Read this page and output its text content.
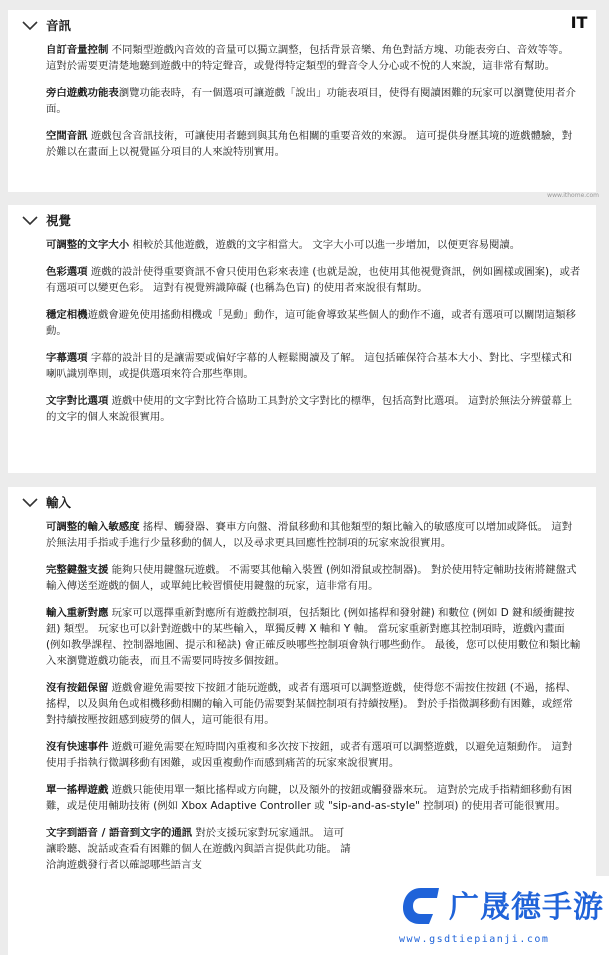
音訊
自訂音量控制 不同類型遊戲內音效的音量可以獨立調整，包括背景音樂、角色對話方塊、功能表旁白、音效等等。 這對於需要更清楚地聽到遊戲中的特定聲音，或覺得特定類型的聲音令人分心或不悅的人來說，這非常有幫助。
旁白遊戲功能表瀏覽功能表時，有一個選項可讓遊戲「說出」功能表項目，使得有閱讀困難的玩家可以瀏覽使用者介面。
空間音訊 遊戲包含音訊技術，可讓使用者聽到與其角色相關的重要音效的來源。 這可提供身歷其境的遊戲體驗，對於難以在畫面上以視覺區分項目的人來說特別實用。
IT
www.ithome.com
視覺
可調整的文字大小 相較於其他遊戲，遊戲的文字相當大。 文字大小可以進一步增加，以便更容易閱讀。
色彩選項 遊戲的設計使得重要資訊不會只使用色彩來表達 (也就是說，也使用其他視覺資訊，例如圖樣或圖案)，或者有選項可以變更色彩。 這對有視覺辨識障礙 (也稱為色盲) 的使用者來說很有幫助。
穩定相機遊戲會避免使用搖動相機或「晃動」動作，這可能會導致某些個人的動作不適，或者有選項可以關閉這類移動。
字幕選項 字幕的設計目的是讓需要或偏好字幕的人輕鬆閱讀及了解。 這包括確保符合基本大小、對比、字型樣式和喇叭識別準則，或提供選項來符合那些準則。
文字對比選項 遊戲中使用的文字對比符合協助工具對於文字對比的標準，包括高對比選項。 這對於無法分辨螢幕上的文字的個人來說很實用。
輸入
可調整的輸入敏感度 搖桿、觸發器、賽車方向盤、滑鼠移動和其他類型的類比輸入的敏感度可以增加或降低。 這對於無法用手指或手進行少量移動的個人，以及尋求更具回應性控制項的玩家來說很實用。
完整鍵盤支援 能夠只使用鍵盤玩遊戲。 不需要其他輸入裝置 (例如滑鼠或控制器)。 對於使用特定輔助技術將鍵盤式輸入傳送至遊戲的個人，或單純比較習慣使用鍵盤的玩家，這非常有用。
輸入重新對應 玩家可以選擇重新對應所有遊戲控制項，包括類比 (例如搖桿和發射鍵) 和數位 (例如 D 鍵和緩衝鍵按鈕) 類型。 玩家也可以針對遊戲中的某些輸入，單獨反轉 X 軸和 Y 軸。 當玩家重新對應其控制項時，遊戲內畫面 (例如教學課程、控制器地圖、提示和秘訣) 會正確反映哪些控制項會執行哪些動作。 最後，您可以使用數位和類比輸入來瀏覽遊戲功能表，而且不需要同時按多個按鈕。
沒有按鈕保留 遊戲會避免需要按下按鈕才能玩遊戲，或者有選項可以調整遊戲，使得您不需按住按鈕 (不過，搖桿、搖桿，以及與角色或相機移動相關的輸入可能仍需要對某個控制項有持續按壓)。 對於手指微調移動有困難，或經常對持續按壓按鈕感到疲勞的個人，這可能很有用。
沒有快速事件 遊戲可避免需要在短時間內重複和多次按下按鈕，或者有選項可以調整遊戲，以避免這類動作。 這對使用手指執行微調移動有困難，或因重複動作而感到痛苦的玩家來說很實用。
單一搖桿遊戲 遊戲只能使用單一類比搖桿或方向鍵，以及額外的按鈕或觸發器來玩。 這對於完成手指精細移動有困難，或是使用輔助技術 (例如 Xbox Adaptive Controller 或 "sip-and-as-style" 控制項) 的使用者可能很實用。
文字到語音 / 語音到文字的通訊 對於支援玩家對玩家通訊。 這可讓聆聽、說話或查看有困難的個人在遊戲內與語言提供此功能。 請洽詢遊戲發行者以確認哪些語言支
广晟德手游
www.gsdtiepianji.com
